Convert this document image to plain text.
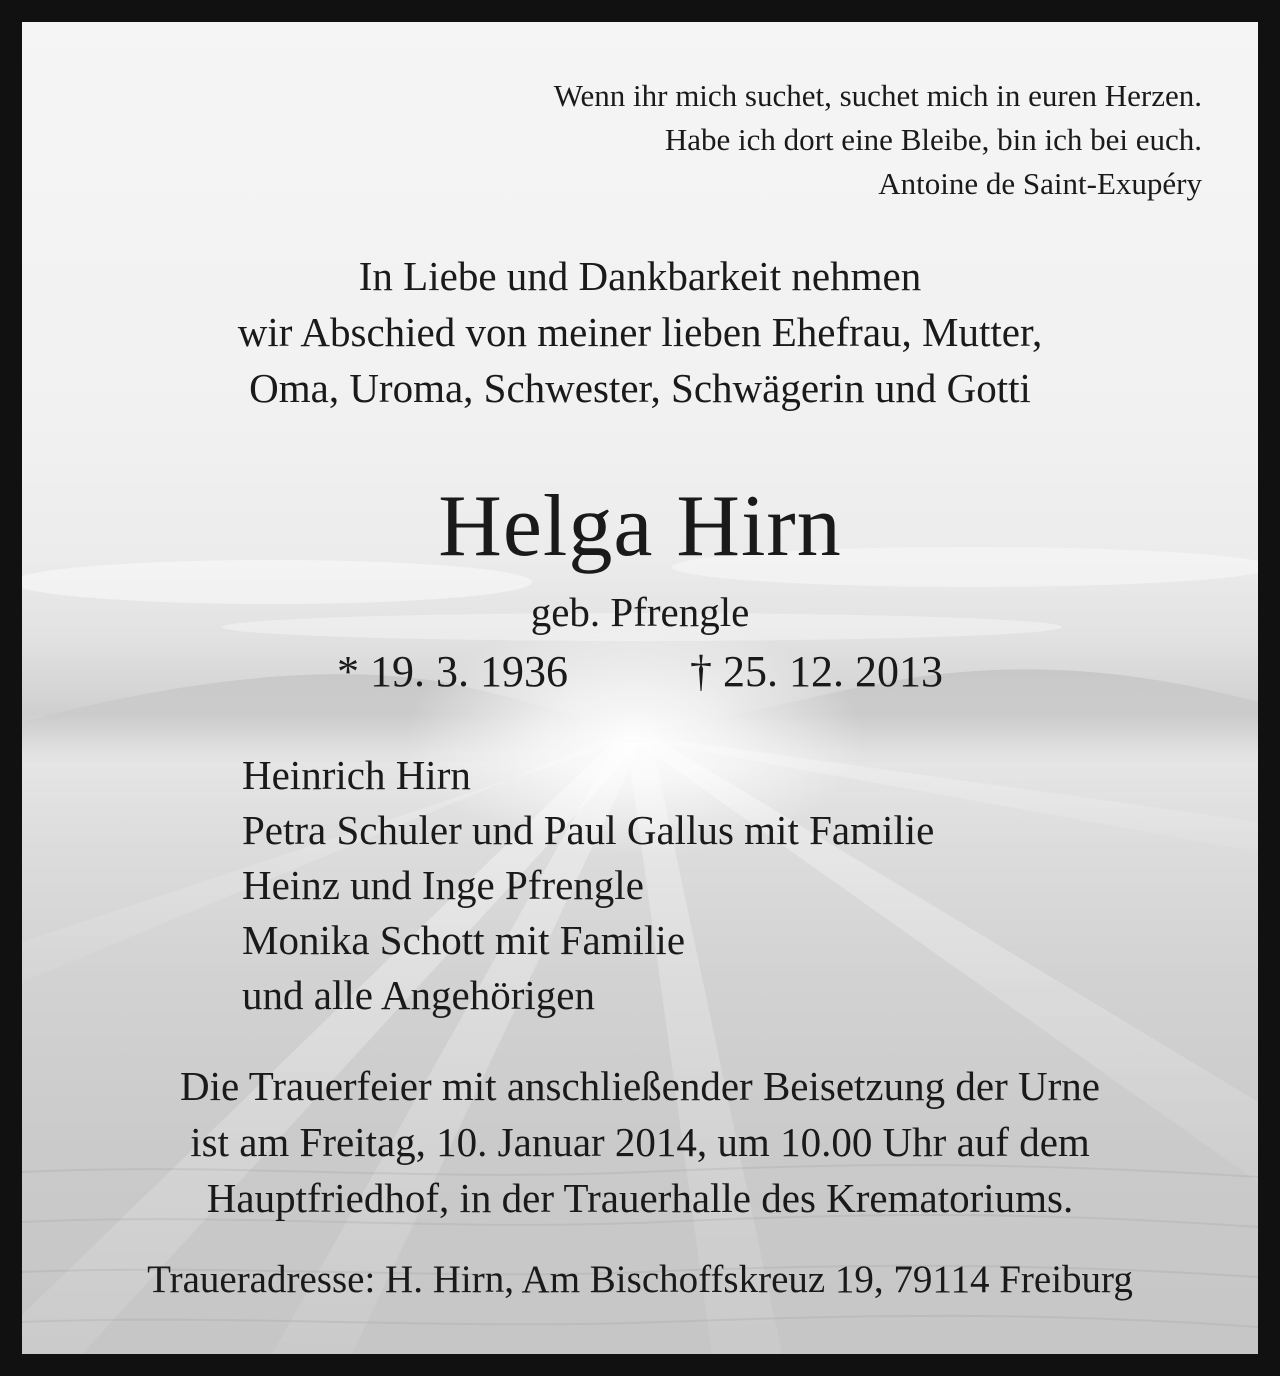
Wenn ihr mich suchet, suchet mich in euren Herzen.
Habe ich dort eine Bleibe, bin ich bei euch.
Antoine de Saint-Exupéry
In Liebe und Dankbarkeit nehmen
wir Abschied von meiner lieben Ehefrau, Mutter,
Oma, Uroma, Schwester, Schwägerin und Gotti
Helga Hirn
geb. Pfrengle
* 19. 3. 1936	† 25. 12. 2013
Heinrich Hirn
Petra Schuler und Paul Gallus mit Familie
Heinz und Inge Pfrengle
Monika Schott mit Familie
und alle Angehörigen
Die Trauerfeier mit anschließender Beisetzung der Urne
ist am Freitag, 10. Januar 2014, um 10.00 Uhr auf dem
Hauptfriedhof, in der Trauerhalle des Krematoriums.
Traueradresse: H. Hirn, Am Bischoffskreuz 19, 79114 Freiburg
